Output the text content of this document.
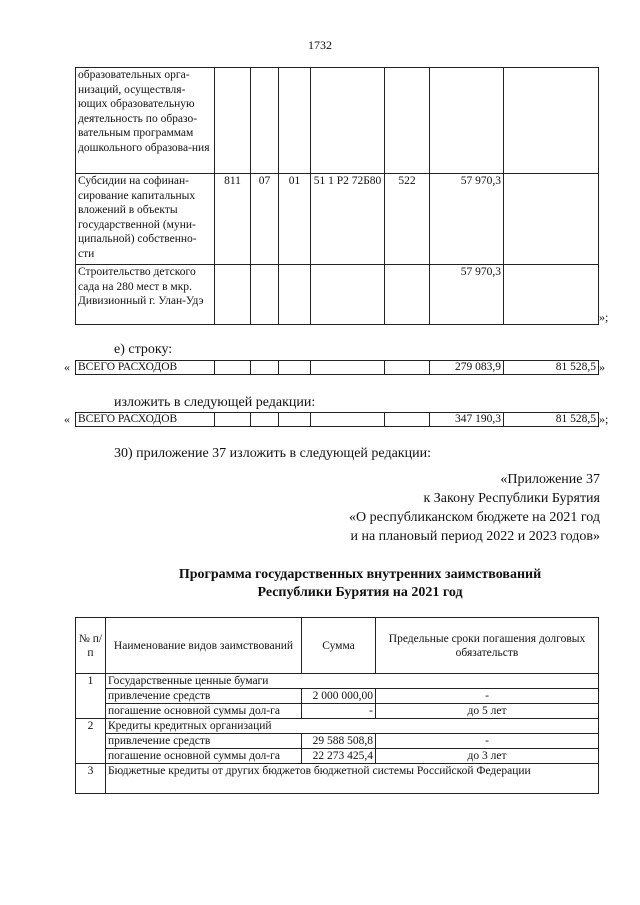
1732
образовательных орга-низаций, осуществля-ющих образовательную деятельность по образо-вательным программам дошкольного образова-ния							
Субсидии на софинан-сирование капитальных вложений в объекты государственной (муни-ципальной) собственно-сти	811	07	01	51 1 Р2 72Б80	522	57 970,3	
Строительство детского сада на 280 мест в мкр. Дивизионный г. Улан-Удэ						57 970,3	
»;
е) строку:
« ВСЕГО РАСХОДОВ						279 083,9	81 528,5 »
изложить в следующей редакции:
« ВСЕГО РАСХОДОВ						347 190,3	81 528,5 »;
30) приложение 37 изложить в следующей редакции:
«Приложение 37
к Закону Республики Бурятия
«О республиканском бюджете на 2021 год
и на плановый период 2022 и 2023 годов»
Программа государственных внутренних заимствований
Республики Бурятия на 2021 год
№ п/п	Наименование видов заимствований	Сумма	Предельные сроки погашения долговых обязательств
1	Государственные ценные бумаги		
	привлечение средств	2 000 000,00	-
	погашение основной суммы дол-га	-	до 5 лет
2	Кредиты кредитных организаций		
	привлечение средств	29 588 508,8	-
	погашение основной суммы дол-га	22 273 425,4	до 3 лет
3	Бюджетные кредиты от других бюджетов бюджетной системы Российской Федерации		
